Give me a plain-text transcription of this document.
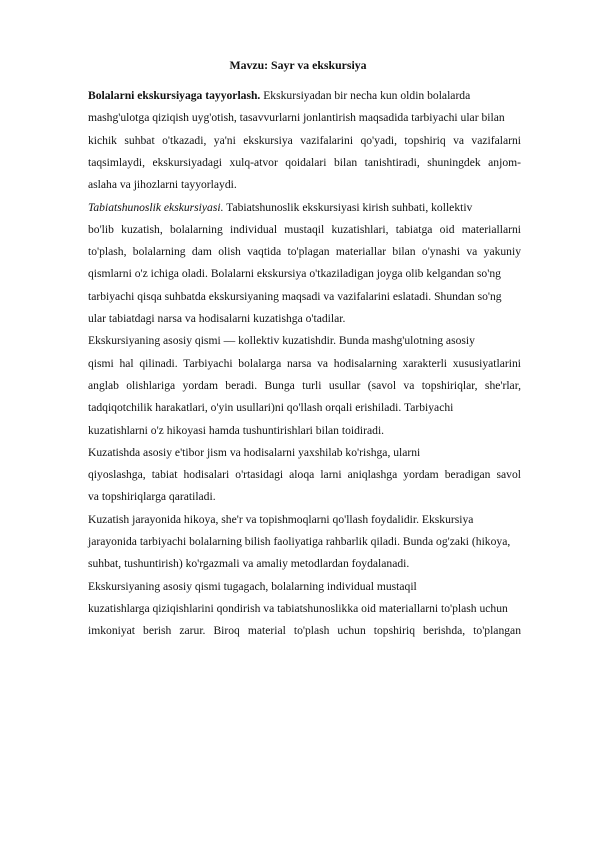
Mavzu: Sayr va ekskursiya
Bolalarni ekskursiyaga tayyorlash. Ekskursiyadan bir necha kun oldin bolalarda
mashg'ulotga qiziqish uyg'otish, tasavvurlarni jonlantirish maqsadida tarbiyachi ular bilan
kichik suhbat o'tkazadi, ya'ni ekskursiya vazifalarini qo'yadi, topshiriq va vazifalarni
taqsimlaydi, ekskursiyadagi xulq-atvor qoidalari bilan tanishtiradi, shuningdek anjom-
aslaha va jihozlarni tayyorlaydi.
Tabiatshunoslik ekskursiyasi. Tabiatshunoslik ekskursiyasi kirish suhbati, kollektiv
bo'lib kuzatish, bolalarning individual mustaqil kuzatishlari, tabiatga oid materiallarni
to'plash, bolalarning dam olish vaqtida to'plagan materiallar bilan o'ynashi va yakuniy
qismlarni o'z ichiga oladi. Bolalarni ekskursiya o'tkaziladigan joyga olib kelgandan so'ng
tarbiyachi qisqa suhbatda ekskursiyaning maqsadi va vazifalarini eslatadi. Shundan so'ng
ular tabiatdagi narsa va hodisalarni kuzatishga o'tadilar.
Ekskursiyaning asosiy qismi — kollektiv kuzatishdir. Bunda mashg'ulotning asosiy
qismi hal qilinadi. Tarbiyachi bolalarga narsa va hodisalarning xarakterli xususiyatlarini
anglab olishlariga yordam beradi. Bunga turli usullar (savol va topshiriqlar, she'rlar,
tadqiqotchilik harakatlari, o'yin usullari)ni qo'llash orqali erishiladi. Tarbiyachi
kuzatishlarni o'z hikoyasi hamda tushuntirishlari bilan toidiradi.
Kuzatishda asosiy e'tibor jism va hodisalarni yaxshilab ko'rishga, ularni
qiyoslashga, tabiat hodisalari o'rtasidagi aloqa larni aniqlashga yordam beradigan savol
va topshiriqlarga qaratiladi.
Kuzatish jarayonida hikoya, she'r va topishmoqlarni qo'llash foydalidir. Ekskursiya
jarayonida tarbiyachi bolalarning bilish faoliyatiga rahbarlik qiladi. Bunda og'zaki (hikoya,
suhbat, tushuntirish) ko'rgazmali va amaliy metodlardan foydalanadi.
Ekskursiyaning asosiy qismi tugagach, bolalarning individual mustaqil
kuzatishlarga qiziqishlarini qondirish va tabiatshunoslikka oid materiallarni to'plash uchun
imkoniyat berish zarur. Biroq material to'plash uchun topshiriq berishda, to'plangan
